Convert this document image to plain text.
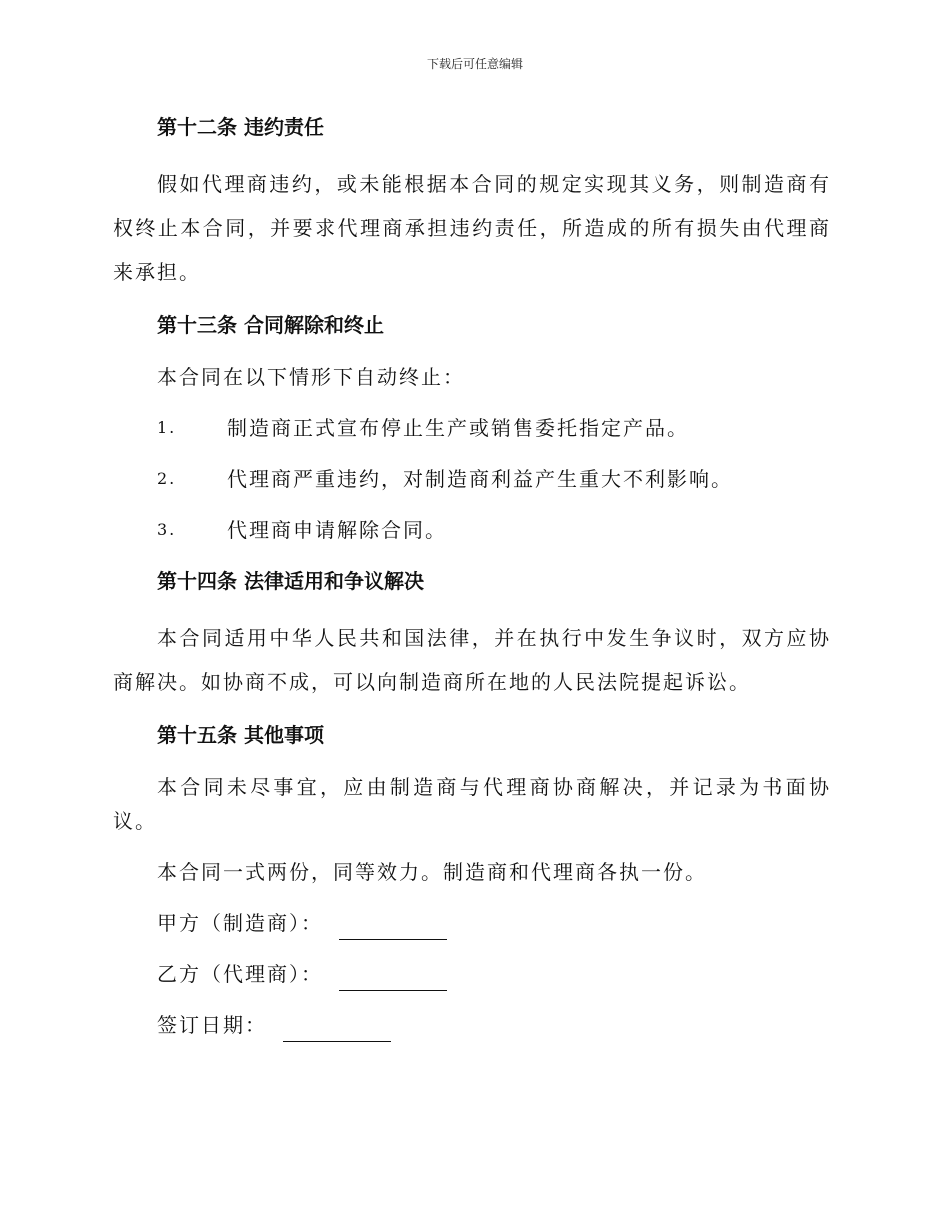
下载后可任意编辑
第十二条 违约责任

假如代理商违约，或未能根据本合同的规定实现其义务，则制造商有权终止本合同，并要求代理商承担违约责任，所造成的所有损失由代理商来承担。

第十三条 合同解除和终止

本合同在以下情形下自动终止：

1.	制造商正式宣布停止生产或销售委托指定产品。
2.	代理商严重违约，对制造商利益产生重大不利影响。
3.	代理商申请解除合同。
第十四条 法律适用和争议解决

本合同适用中华人民共和国法律，并在执行中发生争议时，双方应协商解决。如协商不成，可以向制造商所在地的人民法院提起诉讼。

第十五条 其他事项

本合同未尽事宜，应由制造商与代理商协商解决，并记录为书面协议。

本合同一式两份，同等效力。制造商和代理商各执一份。

甲方（制造商）：
乙方（代理商）：
签订日期：
